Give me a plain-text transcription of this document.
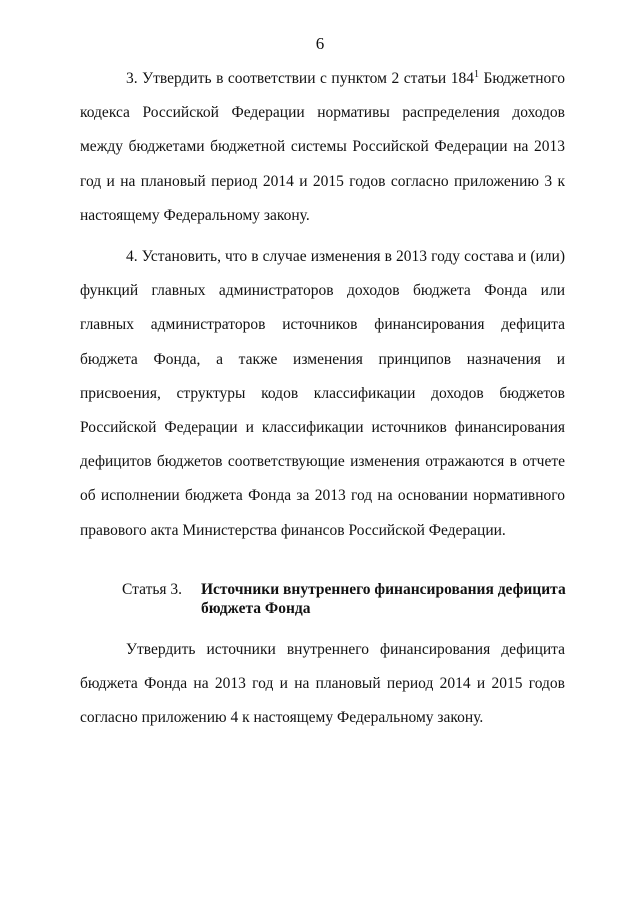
6

3. Утвердить в соответствии с пунктом 2 статьи $184^1$ Бюджетного кодекса Российской Федерации нормативы распределения доходов между бюджетами бюджетной системы Российской Федерации на 2013 год и на плановый период 2014 и 2015 годов согласно приложению 3 к настоящему Федеральному закону.

4. Установить, что в случае изменения в 2013 году состава и (или) функций главных администраторов доходов бюджета Фонда или главных администраторов источников финансирования дефицита бюджета Фонда, а также изменения принципов назначения и присвоения, структуры кодов классификации доходов бюджетов Российской Федерации и классификации источников финансирования дефицитов бюджетов соответствующие изменения отражаются в отчете об исполнении бюджета Фонда за 2013 год на основании нормативного правового акта Министерства финансов Российской Федерации.

Статья 3. Источники внутреннего финансирования дефицита бюджета Фонда

Утвердить источники внутреннего финансирования дефицита бюджета Фонда на 2013 год и на плановый период 2014 и 2015 годов согласно приложению 4 к настоящему Федеральному закону.
